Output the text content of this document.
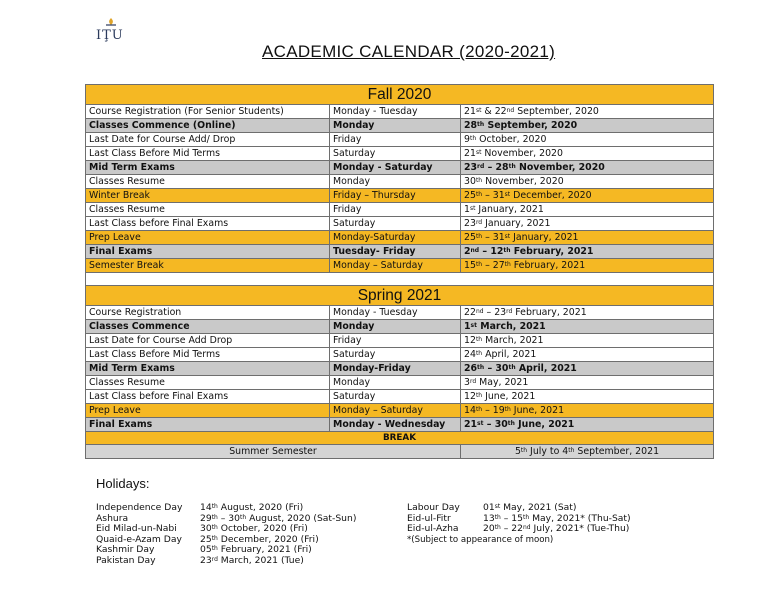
IŢU
ACADEMIC CALENDAR (2020-2021)
Fall 2020		
Course Registration (For Senior Students)	Monday - Tuesday	21st & 22nd September, 2020
Classes Commence (Online)	Monday	28th September, 2020
Last Date for Course Add/ Drop	Friday	9th October, 2020
Last Class Before Mid Terms	Saturday	21st November, 2020
Mid Term Exams	Monday - Saturday	23rd – 28th November, 2020
Classes Resume	Monday	30th November, 2020
Winter Break	Friday – Thursday	25th – 31st December, 2020
Classes Resume	Friday	1st January, 2021
Last Class before Final Exams	Saturday	23rd January, 2021
Prep Leave	Monday-Saturday	25th – 31st January, 2021
Final Exams	Tuesday- Friday	2nd – 12th February, 2021
Semester Break	Monday – Saturday	15th – 27th February, 2021

Spring 2021		
Course Registration	Monday - Tuesday	22nd – 23rd February, 2021
Classes Commence	Monday	1st March, 2021
Last Date for Course Add Drop	Friday	12th March, 2021
Last Class Before Mid Terms	Saturday	24th April, 2021
Mid Term Exams	Monday-Friday	26th – 30th April, 2021
Classes Resume	Monday	3rd May, 2021
Last Class before Final Exams	Saturday	12th June, 2021
Prep Leave	Monday – Saturday	14th – 19th June, 2021
Final Exams	Monday - Wednesday	21st – 30th June, 2021
BREAK		
Summer Semester		5th July to 4th September, 2021
Holidays:
Independence Day	14th August, 2020 (Fri)
Ashura	29th – 30th August, 2020 (Sat-Sun)
Eid Milad-un-Nabi	30th October, 2020 (Fri)
Quaid-e-Azam Day	25th December, 2020 (Fri)
Kashmir Day	05th February, 2021 (Fri)
Pakistan Day	23rd March, 2021 (Tue)
Labour Day	01st May, 2021 (Sat)
Eid-ul-Fitr	13th – 15th May, 2021* (Thu-Sat)
Eid-ul-Azha	20th – 22nd July, 2021* (Tue-Thu)
*(Subject to appearance of moon)
